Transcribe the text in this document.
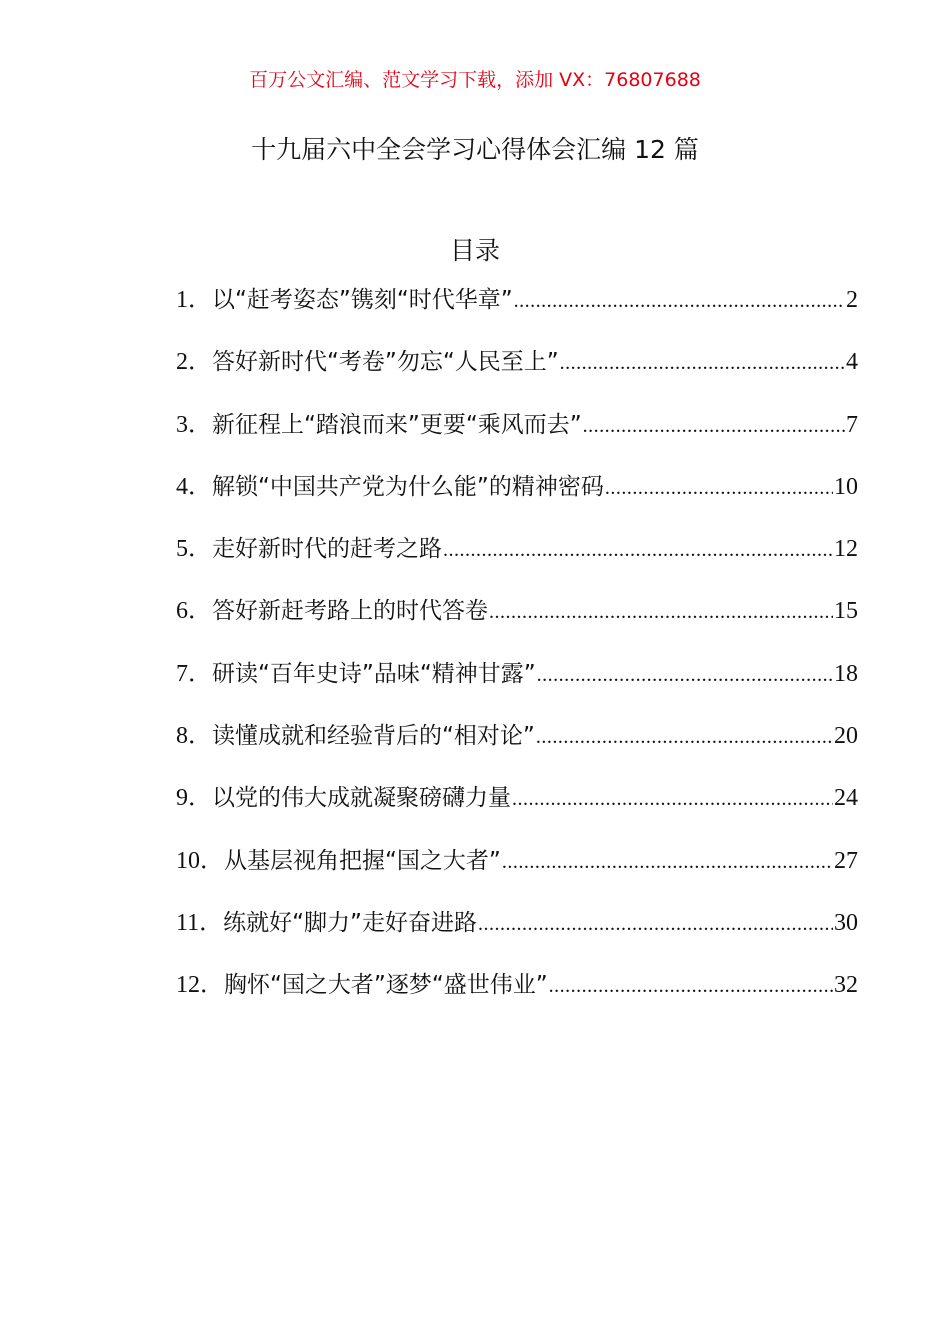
百万公文汇编、范文学习下载，添加 VX：76807688
十九届六中全会学习心得体会汇编 12 篇
目录
1． 以“赶考姿态”镌刻“时代华章” .....	2
2． 答好新时代“考卷”勿忘“人民至上” .....	4
3． 新征程上“踏浪而来”更要“乘风而去” .....	7
4． 解锁“中国共产党为什么能”的精神密码 .....	10
5． 走好新时代的赶考之路 .....	12
6． 答好新赶考路上的时代答卷 .....	15
7． 研读“百年史诗”品味“精神甘露” .....	18
8． 读懂成就和经验背后的“相对论” .....	20
9． 以党的伟大成就凝聚磅礴力量 .....	24
10． 从基层视角把握“国之大者” .....	27
11． 练就好“脚力”走好奋进路 .....	30
12． 胸怀“国之大者”逐梦“盛世伟业” .....	32
